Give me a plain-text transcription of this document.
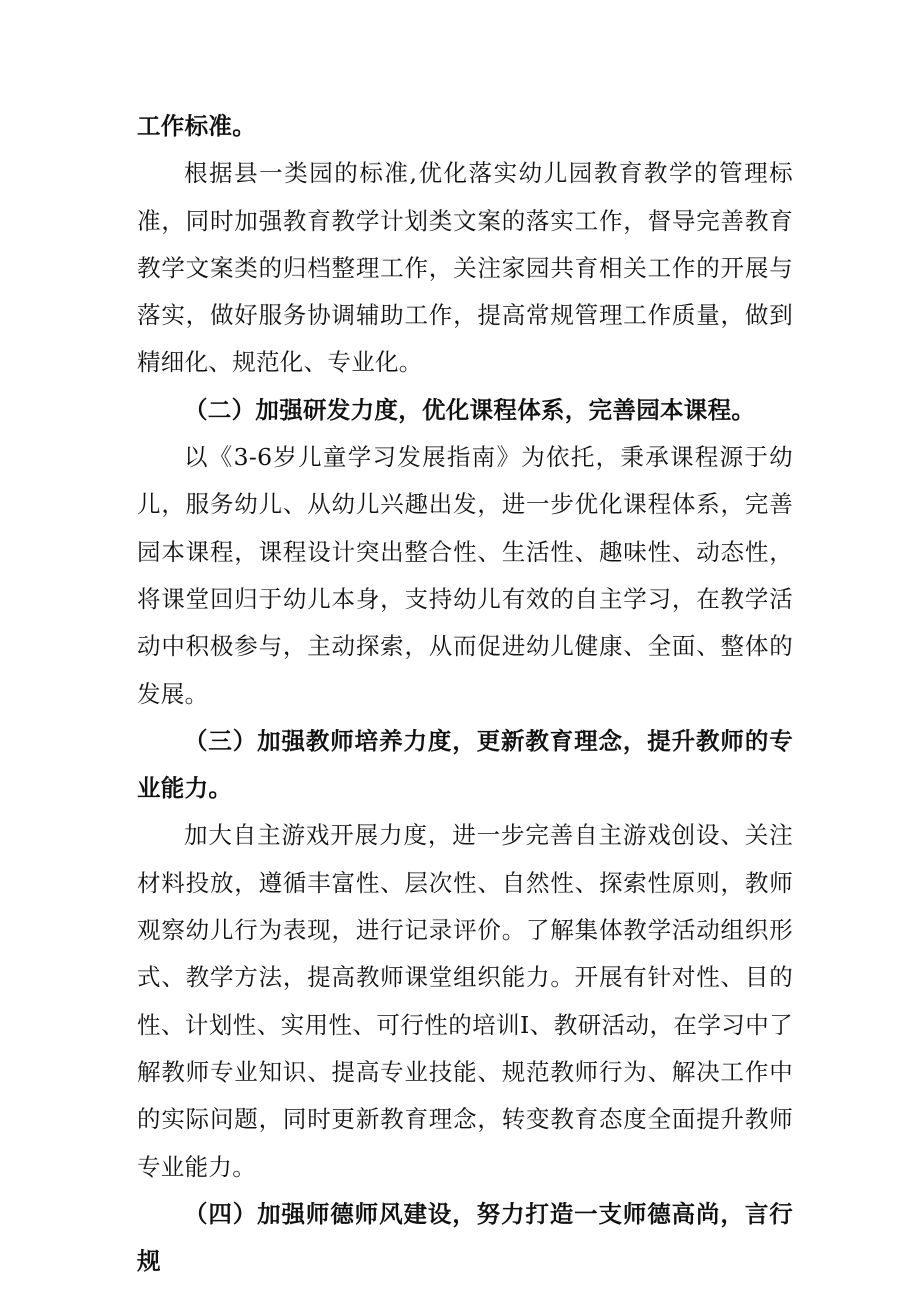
工作标准。

根据县一类园的标准,优化落实幼儿园教育教学的管理标准，同时加强教育教学计划类文案的落实工作，督导完善教育教学文案类的归档整理工作，关注家园共育相关工作的开展与落实，做好服务协调辅助工作，提高常规管理工作质量，做到精细化、规范化、专业化。

（二）加强研发力度，优化课程体系，完善园本课程。

以《3-6岁儿童学习发展指南》为依托，秉承课程源于幼儿，服务幼儿、从幼儿兴趣出发，进一步优化课程体系，完善园本课程，课程设计突出整合性、生活性、趣味性、动态性，将课堂回归于幼儿本身，支持幼儿有效的自主学习，在教学活动中积极参与，主动探索，从而促进幼儿健康、全面、整体的发展。

（三）加强教师培养力度，更新教育理念，提升教师的专业能力。

加大自主游戏开展力度，进一步完善自主游戏创设、关注材料投放，遵循丰富性、层次性、自然性、探索性原则，教师观察幼儿行为表现，进行记录评价。了解集体教学活动组织形式、教学方法，提高教师课堂组织能力。开展有针对性、目的性、计划性、实用性、可行性的培训I、教研活动，在学习中了解教师专业知识、提高专业技能、规范教师行为、解决工作中的实际问题，同时更新教育理念，转变教育态度全面提升教师专业能力。

（四）加强师德师风建设，努力打造一支师德高尚，言行规
